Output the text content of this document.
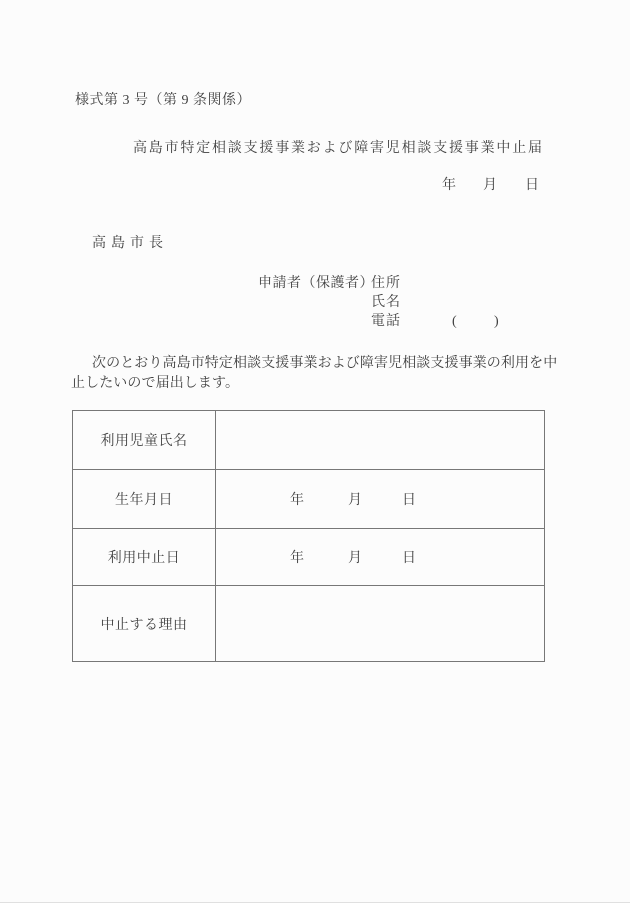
様式第 3 号（第 9 条関係）
高島市特定相談支援事業および障害児相談支援事業中止届
年 月 日
高島市長
申請者（保護者）
住所
氏名
電話	(	)
次のとおり高島市特定相談支援事業および障害児相談支援事業の利用を中
止したいので届出します。
利用児童氏名
生年月日	年	月	日
利用中止日	年	月	日
中止する理由
